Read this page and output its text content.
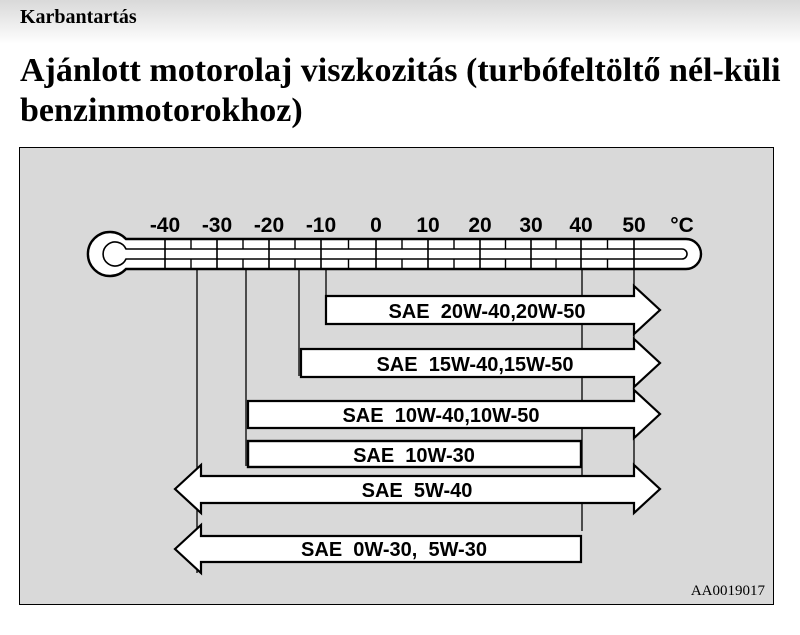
Karbantartás
Ajánlott motorolaj viszkozitás (turbófeltöltő nél-küli benzinmotorokhoz)
-40 -30 -20 -10 0 10 20 30 40 50 °C
SAE  20W-40,20W-50
SAE  15W-40,15W-50
SAE  10W-40,10W-50
SAE  10W-30
SAE  5W-40
SAE  0W-30,  5W-30
AA0019017
